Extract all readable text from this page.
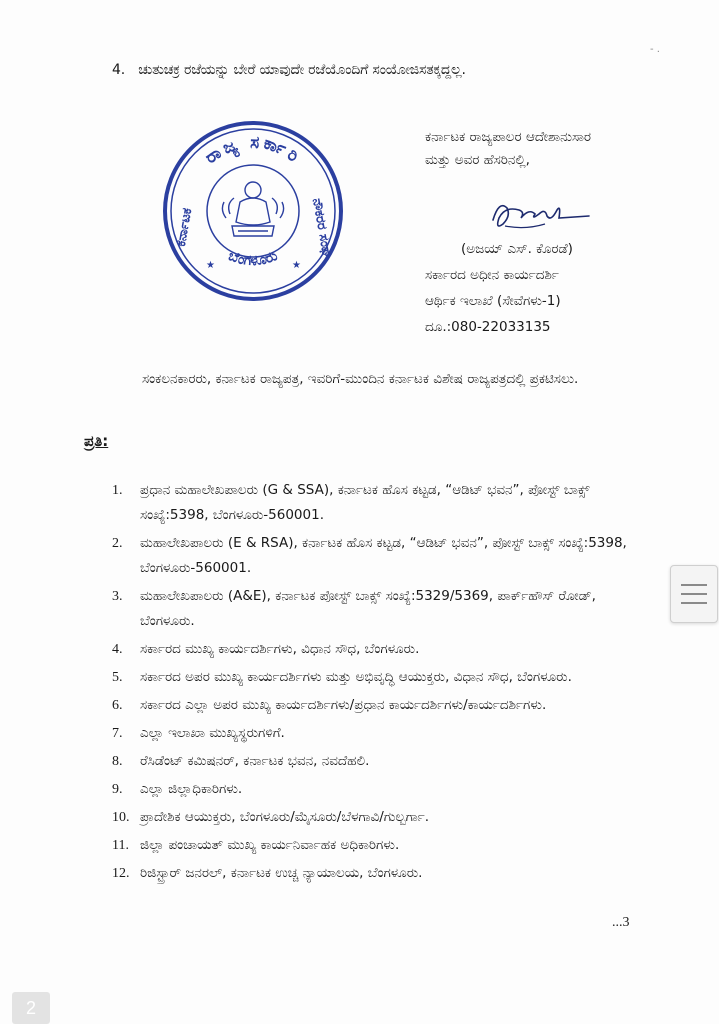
- .
4. ಚುತುಚಕ್ರ ರಜೆಯನ್ನು ಬೇರೆ ಯಾವುದೇ ರಜೆಯೊಂದಿಗೆ ಸಂಯೋಜಿಸತಕ್ಕದ್ದಲ್ಲ.
ರಾಜ್ಯ ಸರ್ಕಾರಿ
ನೌಕರರ ಸಂಘ
ಕರ್ನಾಟಕ
ಬೆಂಗಳೂರು
★	★
ಕರ್ನಾಟಕ ರಾಜ್ಯಪಾಲರ ಆದೇಶಾನುಸಾರ
ಮತ್ತು ಅವರ ಹೆಸರಿನಲ್ಲಿ,
(ಅಜಯ್ ಎಸ್. ಕೊರಡೆ)
ಸರ್ಕಾರದ ಅಧೀನ ಕಾರ್ಯದರ್ಶಿ
ಆರ್ಥಿಕ ಇಲಾಖೆ (ಸೇವೆಗಳು-1)
ದೂ.:080-22033135
ಸಂಕಲನಕಾರರು, ಕರ್ನಾಟಕ ರಾಜ್ಯಪತ್ರ, ಇವರಿಗೆ-ಮುಂದಿನ ಕರ್ನಾಟಕ ವಿಶೇಷ ರಾಜ್ಯಪತ್ರದಲ್ಲಿ ಪ್ರಕಟಿಸಲು.
ಪ್ರತಿ:
1. ಪ್ರಧಾನ ಮಹಾಲೇಖಪಾಲರು (G & SSA), ಕರ್ನಾಟಕ ಹೊಸ ಕಟ್ಟಡ, “ಆಡಿಟ್ ಭವನ”, ಪೋಸ್ಟ್ ಬಾಕ್ಸ್ ಸಂಖ್ಯೆ:5398, ಬೆಂಗಳೂರು-560001.
2. ಮಹಾಲೇಖಪಾಲರು (E & RSA), ಕರ್ನಾಟಕ ಹೊಸ ಕಟ್ಟಡ, “ಆಡಿಟ್ ಭವನ”, ಪೋಸ್ಟ್ ಬಾಕ್ಸ್ ಸಂಖ್ಯೆ:5398, ಬೆಂಗಳೂರು-560001.
3. ಮಹಾಲೇಖಪಾಲರು (A&E), ಕರ್ನಾಟಕ ಪೋಸ್ಟ್ ಬಾಕ್ಸ್ ಸಂಖ್ಯೆ:5329/5369, ಪಾರ್ಕ್‌ಹೌಸ್ ರೋಡ್, ಬೆಂಗಳೂರು.
4. ಸರ್ಕಾರದ ಮುಖ್ಯ ಕಾರ್ಯದರ್ಶಿಗಳು, ವಿಧಾನ ಸೌಧ, ಬೆಂಗಳೂರು.
5. ಸರ್ಕಾರದ ಅಪರ ಮುಖ್ಯ ಕಾರ್ಯದರ್ಶಿಗಳು ಮತ್ತು ಅಭಿವೃದ್ಧಿ ಆಯುಕ್ತರು, ವಿಧಾನ ಸೌಧ, ಬೆಂಗಳೂರು.
6. ಸರ್ಕಾರದ ಎಲ್ಲಾ ಅಪರ ಮುಖ್ಯ ಕಾರ್ಯದರ್ಶಿಗಳು/ಪ್ರಧಾನ ಕಾರ್ಯದರ್ಶಿಗಳು/ಕಾರ್ಯದರ್ಶಿಗಳು.
7. ಎಲ್ಲಾ ಇಲಾಖಾ ಮುಖ್ಯಸ್ಥರುಗಳಿಗೆ.
8. ರೆಸಿಡೆಂಟ್ ಕಮಿಷನರ್, ಕರ್ನಾಟಕ ಭವನ, ನವದೆಹಲಿ.
9. ಎಲ್ಲಾ ಜಿಲ್ಲಾಧಿಕಾರಿಗಳು.
10. ಪ್ರಾದೇಶಿಕ ಆಯುಕ್ತರು, ಬೆಂಗಳೂರು/ಮೈಸೂರು/ಬೆಳಗಾವಿ/ಗುಲ್ಬರ್ಗಾ.
11. ಜಿಲ್ಲಾ ಪಂಚಾಯತ್ ಮುಖ್ಯ ಕಾರ್ಯನಿರ್ವಾಹಕ ಅಧಿಕಾರಿಗಳು.
12. ರಿಜಿಸ್ಟ್ರಾರ್ ಜನರಲ್, ಕರ್ನಾಟಕ ಉಚ್ಚ ನ್ಯಾಯಾಲಯ, ಬೆಂಗಳೂರು.
...3
2
